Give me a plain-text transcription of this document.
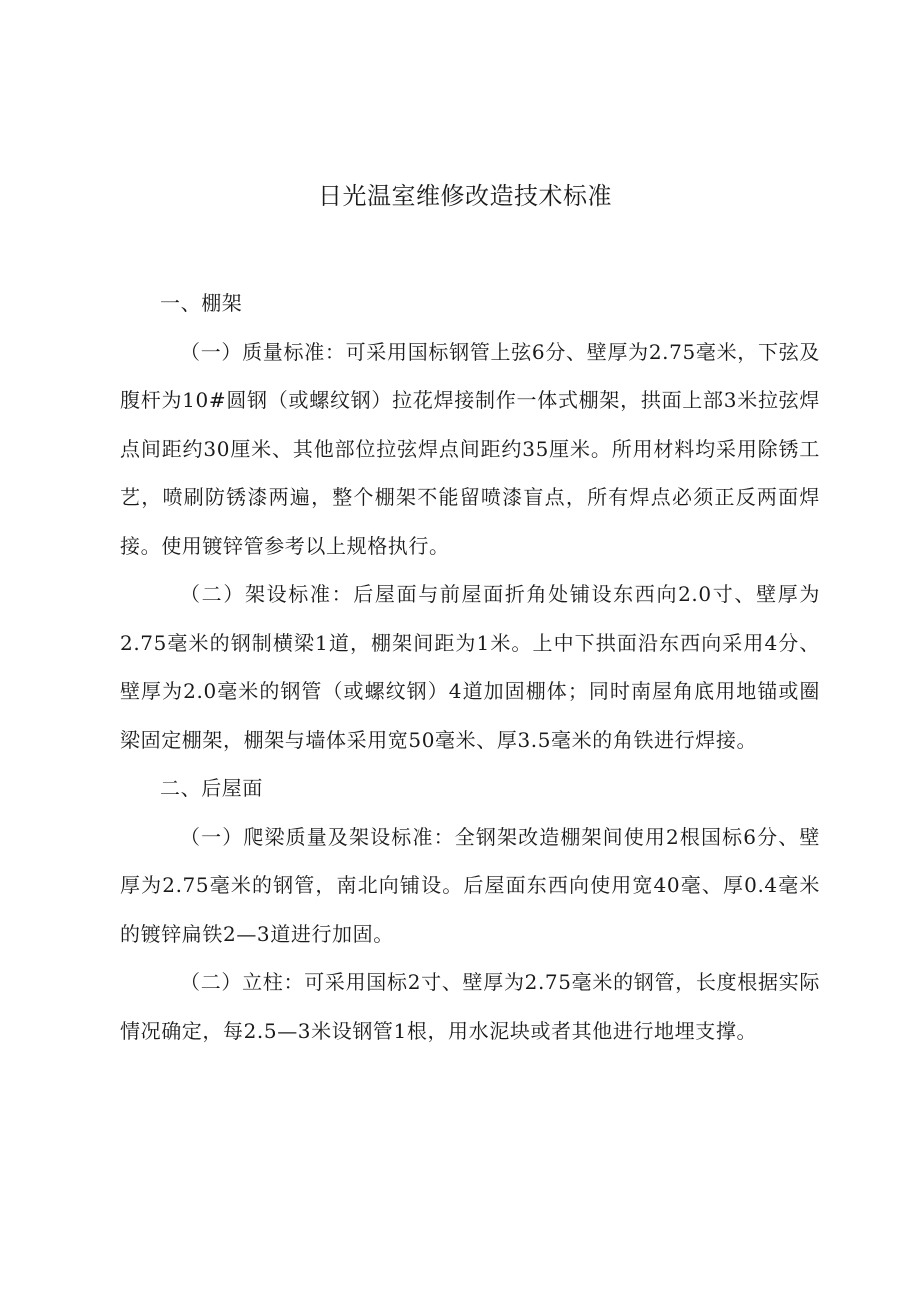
日光温室维修改造技术标准

一、棚架

（一）质量标准：可采用国标钢管上弦6分、壁厚为2.75毫米，下弦及腹杆为10#圆钢（或螺纹钢）拉花焊接制作一体式棚架，拱面上部3米拉弦焊点间距约30厘米、其他部位拉弦焊点间距约35厘米。所用材料均采用除锈工艺，喷刷防锈漆两遍，整个棚架不能留喷漆盲点，所有焊点必须正反两面焊接。使用镀锌管参考以上规格执行。

（二）架设标准：后屋面与前屋面折角处铺设东西向2.0寸、壁厚为2.75毫米的钢制横梁1道，棚架间距为1米。上中下拱面沿东西向采用4分、壁厚为2.0毫米的钢管（或螺纹钢）4道加固棚体；同时南屋角底用地锚或圈梁固定棚架，棚架与墙体采用宽50毫米、厚3.5毫米的角铁进行焊接。

二、后屋面

（一）爬梁质量及架设标准：全钢架改造棚架间使用2根国标6分、壁厚为2.75毫米的钢管，南北向铺设。后屋面东西向使用宽40毫、厚0.4毫米的镀锌扁铁2—3道进行加固。

（二）立柱：可采用国标2寸、壁厚为2.75毫米的钢管，长度根据实际情况确定，每2.5—3米设钢管1根，用水泥块或者其他进行地埋支撑。
